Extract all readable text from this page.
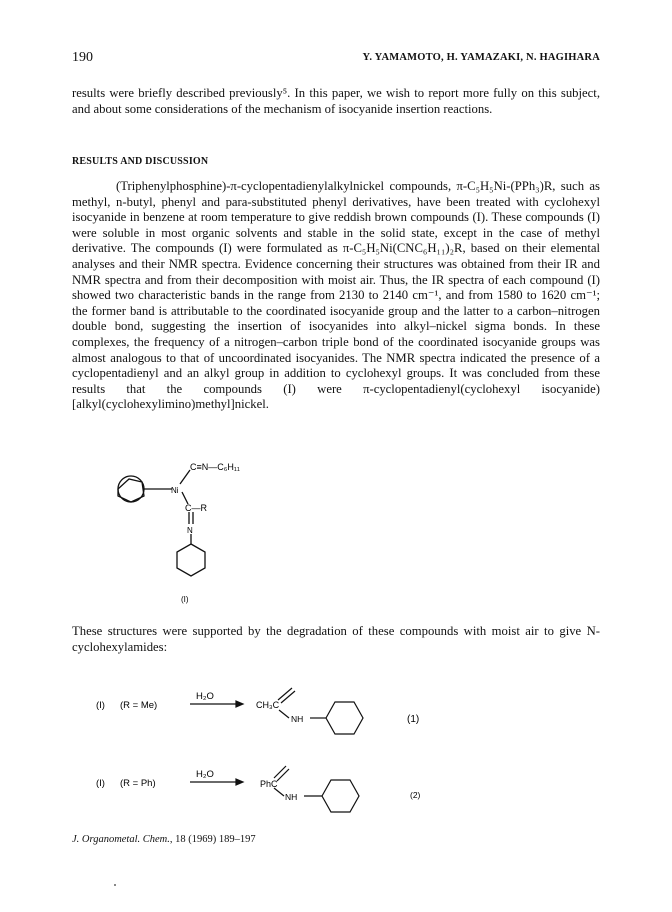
190	Y. YAMAMOTO, H. YAMAZAKI, N. HAGIHARA
results were briefly described previously⁵. In this paper, we wish to report more fully on this subject, and about some considerations of the mechanism of isocyanide insertion reactions.
RESULTS AND DISCUSSION
(Triphenylphosphine)-π-cyclopentadienylalkylnickel compounds, π-C₅H₅Ni-(PPh₃)R, such as methyl, n-butyl, phenyl and para-substituted phenyl derivatives, have been treated with cyclohexyl isocyanide in benzene at room temperature to give reddish brown compounds (I). These compounds (I) were soluble in most organic solvents and stable in the solid state, except in the case of methyl derivative. The compounds (I) were formulated as π-C₅H₅Ni(CNC₆H₁₁)₂R, based on their elemental analyses and their NMR spectra. Evidence concerning their structures was obtained from their IR and NMR spectra and from their decomposition with moist air. Thus, the IR spectra of each compound (I) showed two characteristic bands in the range from 2130 to 2140 cm⁻¹, and from 1580 to 1620 cm⁻¹; the former band is attributable to the coordinated isocyanide group and the latter to a carbon–nitrogen double bond, suggesting the insertion of isocyanides into alkyl–nickel sigma bonds. In these complexes, the frequency of a nitrogen–carbon triple bond of the coordinated isocyanide groups was almost analogous to that of uncoordinated isocyanides. The NMR spectra indicated the presence of a cyclopentadienyl and an alkyl group in addition to cyclohexyl groups. It was concluded from these results that the compounds (I) were π-cyclopentadienyl(cyclohexyl isocyanide)[alkyl(cyclohexylimino)methyl]nickel.
C≡N—C₆H₁₁
Ni
C—R
N
(I)
These structures were supported by the degradation of these compounds with moist air to give N-cyclohexylamides:
(I) (R = Me)
H₂O
CH₃C
NH	(1)
(I) (R = Ph)
H₂O
PhC
NH	(2)
J. Organometal. Chem., 18 (1969) 189–197
